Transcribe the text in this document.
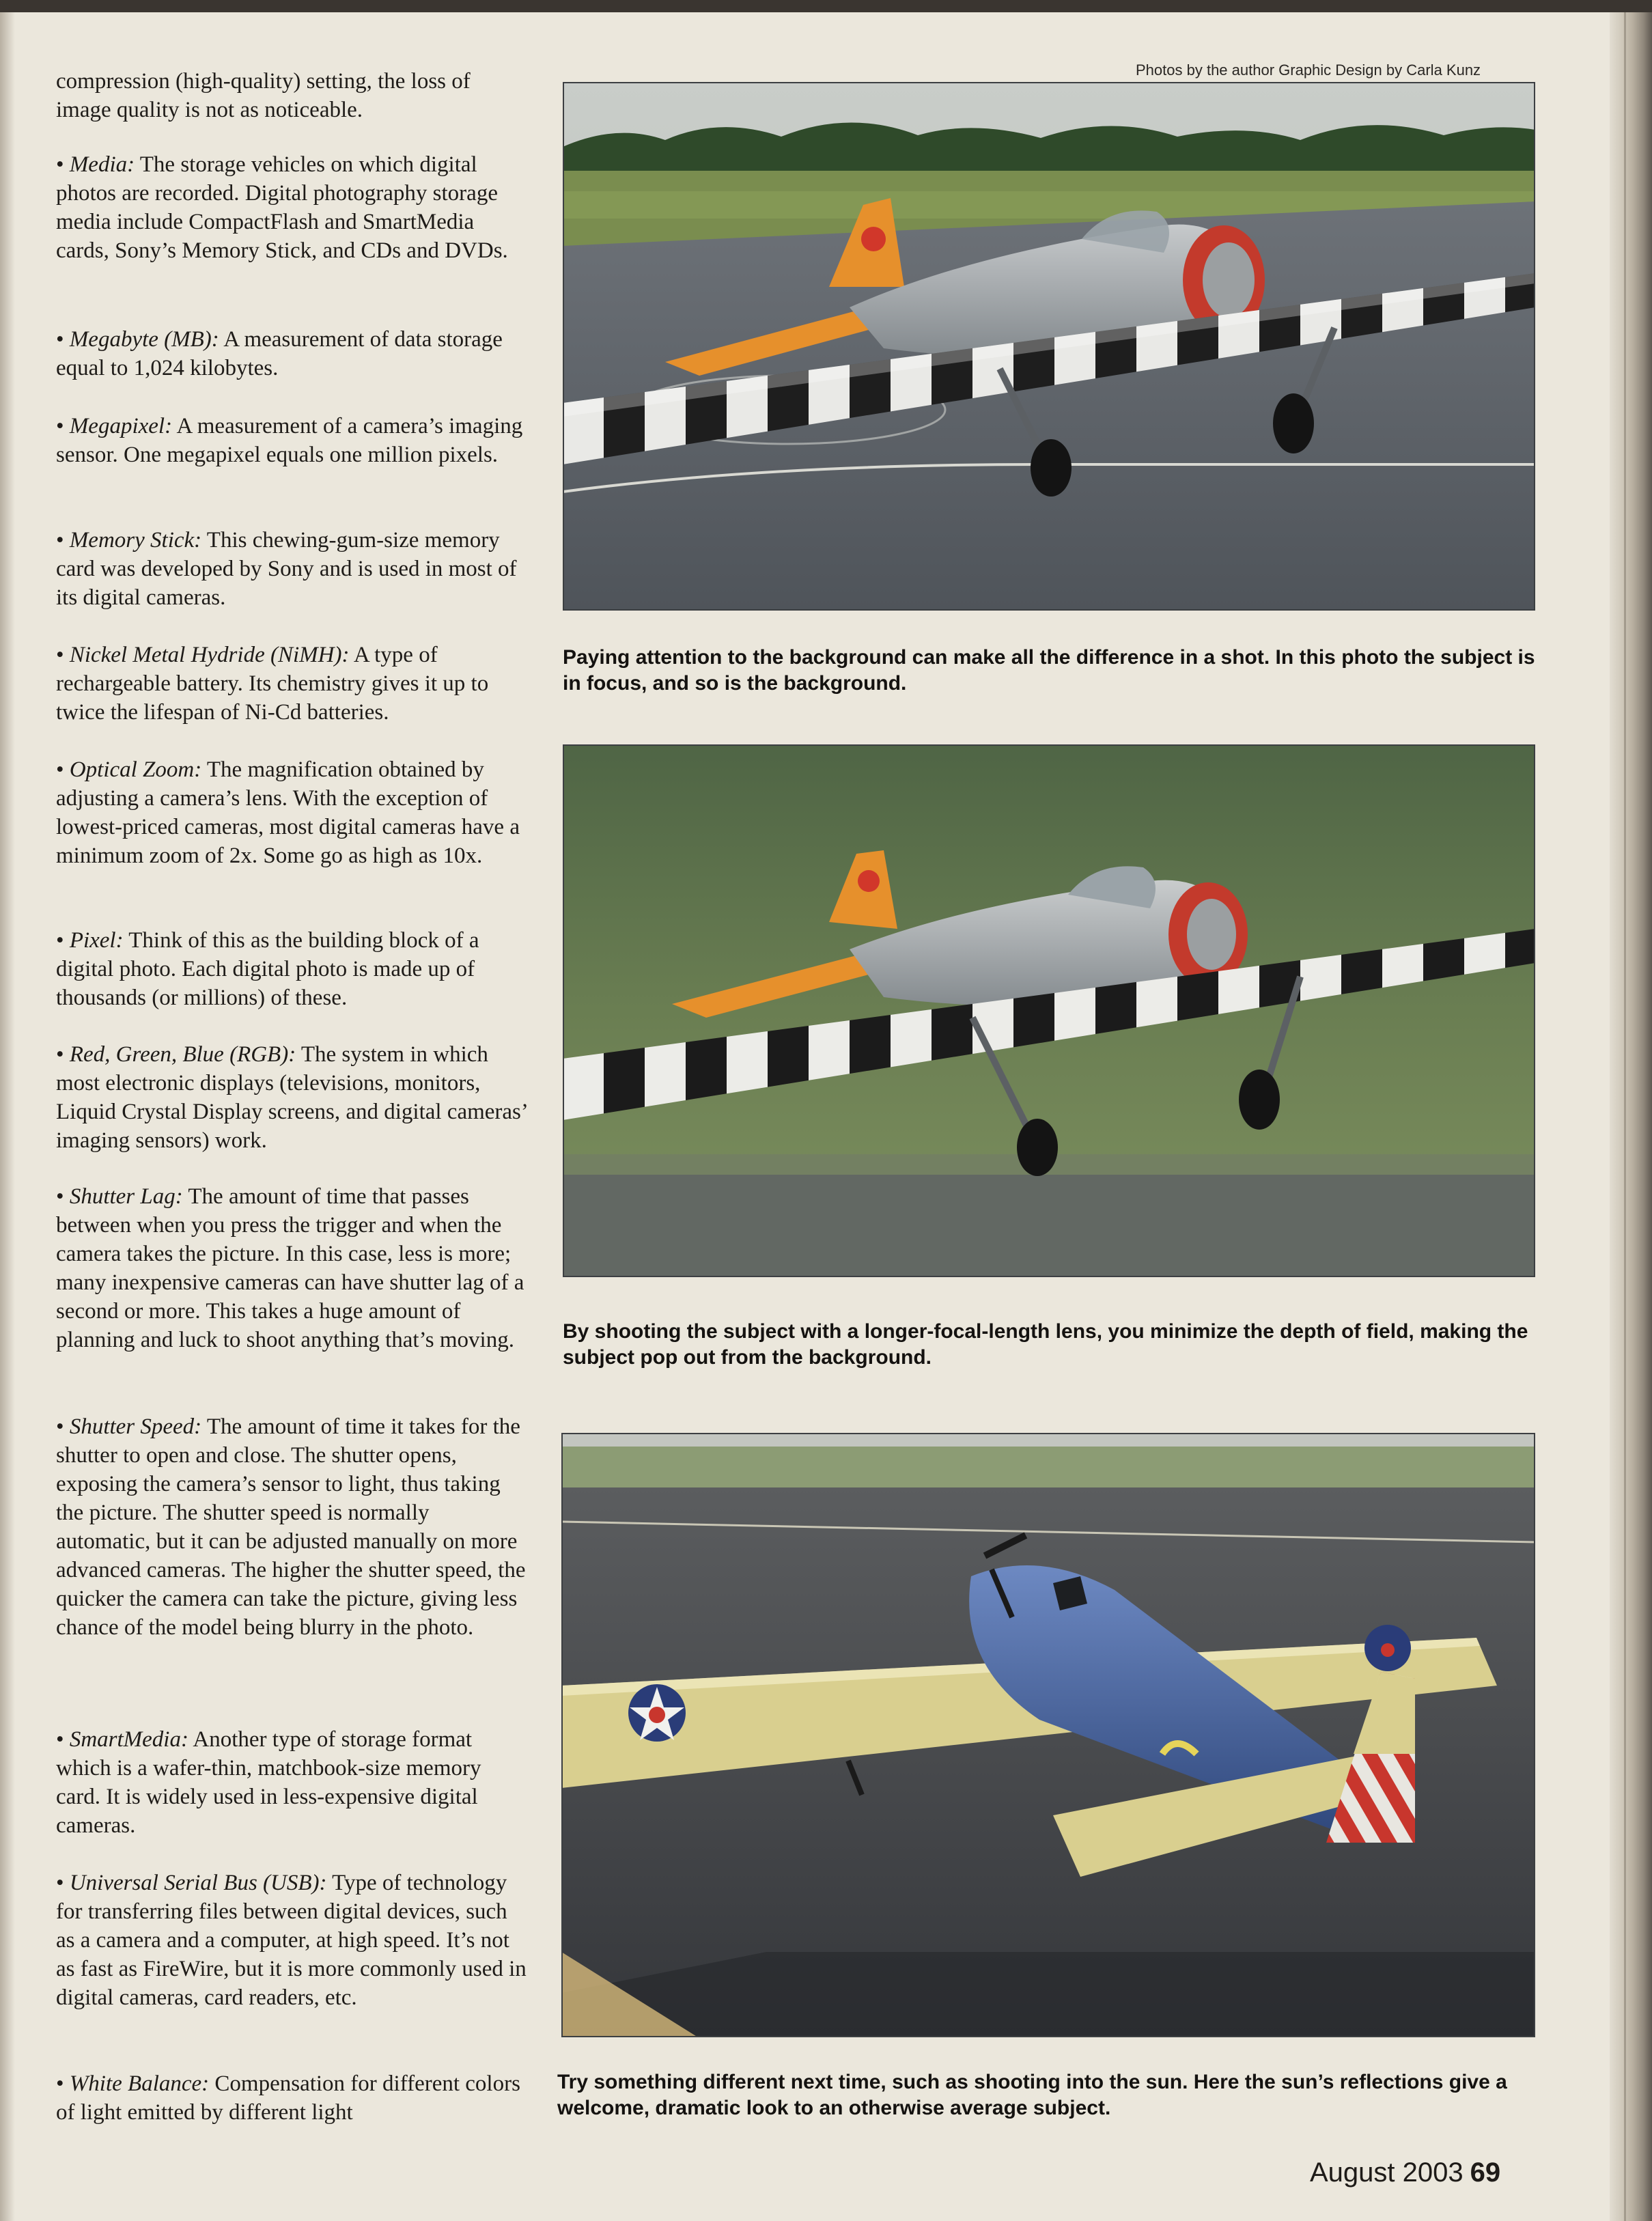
compression (high-quality) setting, the loss of image quality is not as noticeable.

• Media: The storage vehicles on which digital photos are recorded. Digital photography storage media include CompactFlash and SmartMedia cards, Sony’s Memory Stick, and CDs and DVDs.

• Megabyte (MB): A measurement of data storage equal to 1,024 kilobytes.

• Megapixel: A measurement of a camera’s imaging sensor. One megapixel equals one million pixels.

• Memory Stick: This chewing-gum-size memory card was developed by Sony and is used in most of its digital cameras.

• Nickel Metal Hydride (NiMH): A type of rechargeable battery. Its chemistry gives it up to twice the lifespan of Ni-Cd batteries.

• Optical Zoom: The magnification obtained by adjusting a camera’s lens. With the exception of lowest-priced cameras, most digital cameras have a minimum zoom of 2x. Some go as high as 10x.

• Pixel: Think of this as the building block of a digital photo. Each digital photo is made up of thousands (or millions) of these.

• Red, Green, Blue (RGB): The system in which most electronic displays (televisions, monitors, Liquid Crystal Display screens, and digital cameras’ imaging sensors) work.

• Shutter Lag: The amount of time that passes between when you press the trigger and when the camera takes the picture. In this case, less is more; many inexpensive cameras can have shutter lag of a second or more. This takes a huge amount of planning and luck to shoot anything that’s moving.

• Shutter Speed: The amount of time it takes for the shutter to open and close. The shutter opens, exposing the camera’s sensor to light, thus taking the picture. The shutter speed is normally automatic, but it can be adjusted manually on more advanced cameras. The higher the shutter speed, the quicker the camera can take the picture, giving less chance of the model being blurry in the photo.

• SmartMedia: Another type of storage format which is a wafer-thin, matchbook-size memory card. It is widely used in less-expensive digital cameras.

• Universal Serial Bus (USB): Type of technology for transferring files between digital devices, such as a camera and a computer, at high speed. It’s not as fast as FireWire, but it is more commonly used in digital cameras, card readers, etc.

• White Balance: Compensation for different colors of light emitted by different light

Photos by the author Graphic Design by Carla Kunz

Paying attention to the background can make all the difference in a shot. In this photo the subject is in focus, and so is the background.

By shooting the subject with a longer-focal-length lens, you minimize the depth of field, making the subject pop out from the background.

Try something different next time, such as shooting into the sun. Here the sun’s reflections give a welcome, dramatic look to an otherwise average subject.

August 2003 69
